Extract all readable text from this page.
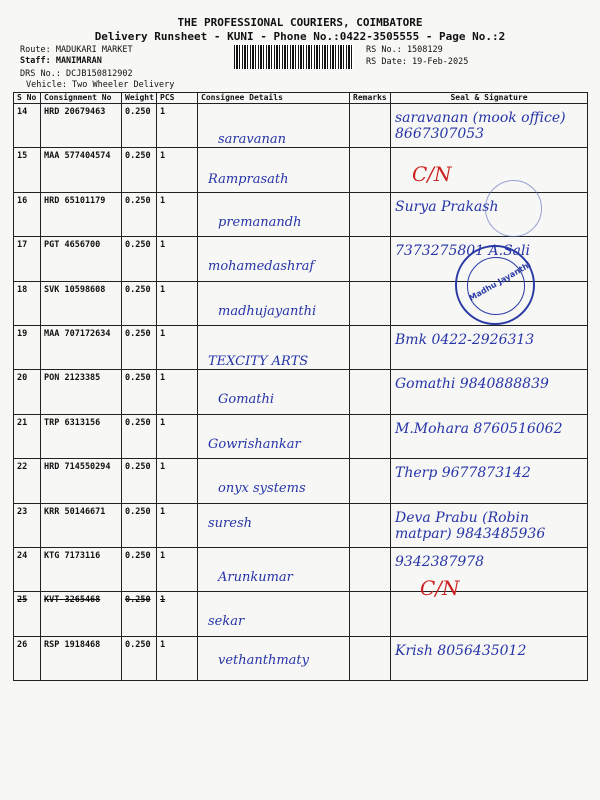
THE PROFESSIONAL COURIERS, COIMBATORE
Delivery Runsheet - KUNI - Phone No.:0422-3505555 - Page No.:2
Route: MADUKARI MARKET
Staff: MANIMARAN
DRS No.: DCJB150812902
Vehicle: Two Wheeler Delivery
RS No.: 1508129
RS Date: 19-Feb-2025
S No	Consignment No	Weight	PCS	Consignee Details	Remarks	Seal & Signature
14	HRD 20679463	0.250	1	saravanan		saravanan (mook office) 8667307053

15	MAA 577404574	0.250	1	Ramprasath		

16	HRD 65101179	0.250	1	premanandh		Surya Prakash

17	PGT 4656700	0.250	1	mohamedashraf		7373275801 A.Sali

18	SVK 10598608	0.250	1	madhujayanthi		

19	MAA 707172634	0.250	1	TEXCITY ARTS		Bmk 0422-2926313

20	PON 2123385	0.250	1	Gomathi		Gomathi 9840888839

21	TRP 6313156	0.250	1	Gowrishankar		M.Mohara 8760516062

22	HRD 714550294	0.250	1	onyx systems		Therp 9677873142

23	KRR 50146671	0.250	1	suresh		Deva Prabu (Robin matpar) 9843485936

24	KTG 7173116	0.250	1	Arunkumar		9342387978

25	KVT 3265468	0.250	1	sekar		

26	RSP 1918468	0.250	1	vethanthmaty		Krish 8056435012
Madhu Jayanthi
C/N
C/N
